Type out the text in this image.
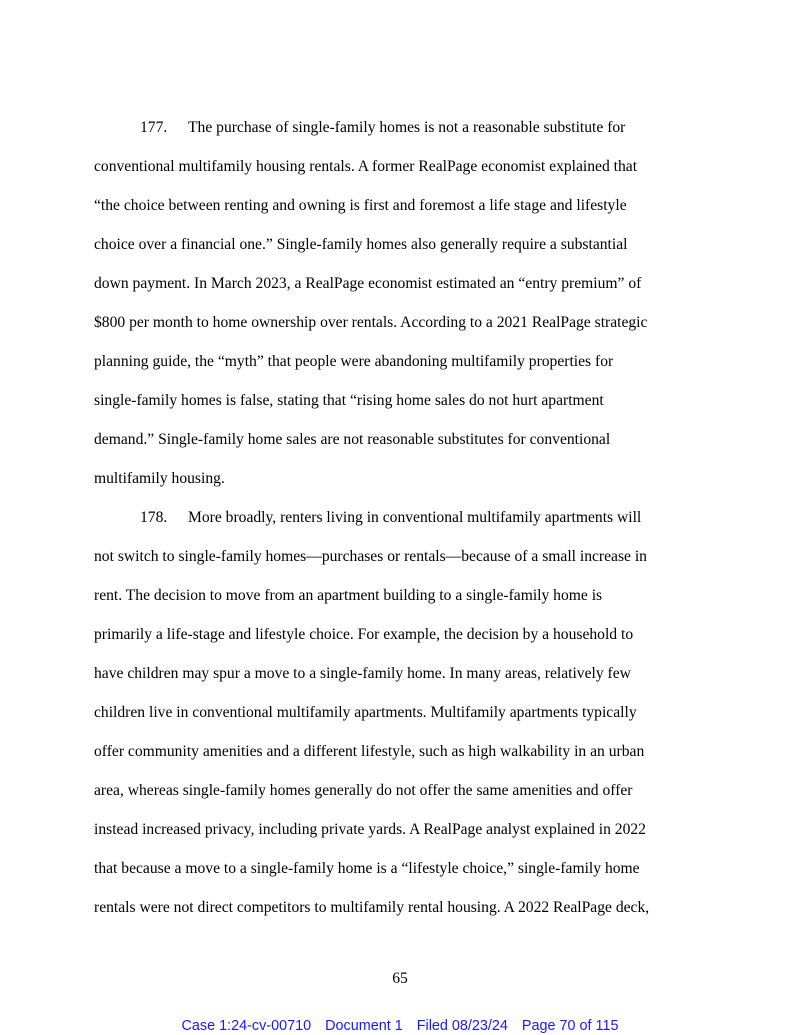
177. The purchase of single-family homes is not a reasonable substitute for
conventional multifamily housing rentals. A former RealPage economist explained that
“the choice between renting and owning is first and foremost a life stage and lifestyle
choice over a financial one.” Single-family homes also generally require a substantial
down payment. In March 2023, a RealPage economist estimated an “entry premium” of
$800 per month to home ownership over rentals. According to a 2021 RealPage strategic
planning guide, the “myth” that people were abandoning multifamily properties for
single-family homes is false, stating that “rising home sales do not hurt apartment
demand.” Single-family home sales are not reasonable substitutes for conventional
multifamily housing.
178. More broadly, renters living in conventional multifamily apartments will
not switch to single-family homes—purchases or rentals—because of a small increase in
rent. The decision to move from an apartment building to a single-family home is
primarily a life-stage and lifestyle choice. For example, the decision by a household to
have children may spur a move to a single-family home. In many areas, relatively few
children live in conventional multifamily apartments. Multifamily apartments typically
offer community amenities and a different lifestyle, such as high walkability in an urban
area, whereas single-family homes generally do not offer the same amenities and offer
instead increased privacy, including private yards. A RealPage analyst explained in 2022
that because a move to a single-family home is a “lifestyle choice,” single-family home
rentals were not direct competitors to multifamily rental housing. A 2022 RealPage deck,
65
Case 1:24-cv-00710 Document 1 Filed 08/23/24 Page 70 of 115
